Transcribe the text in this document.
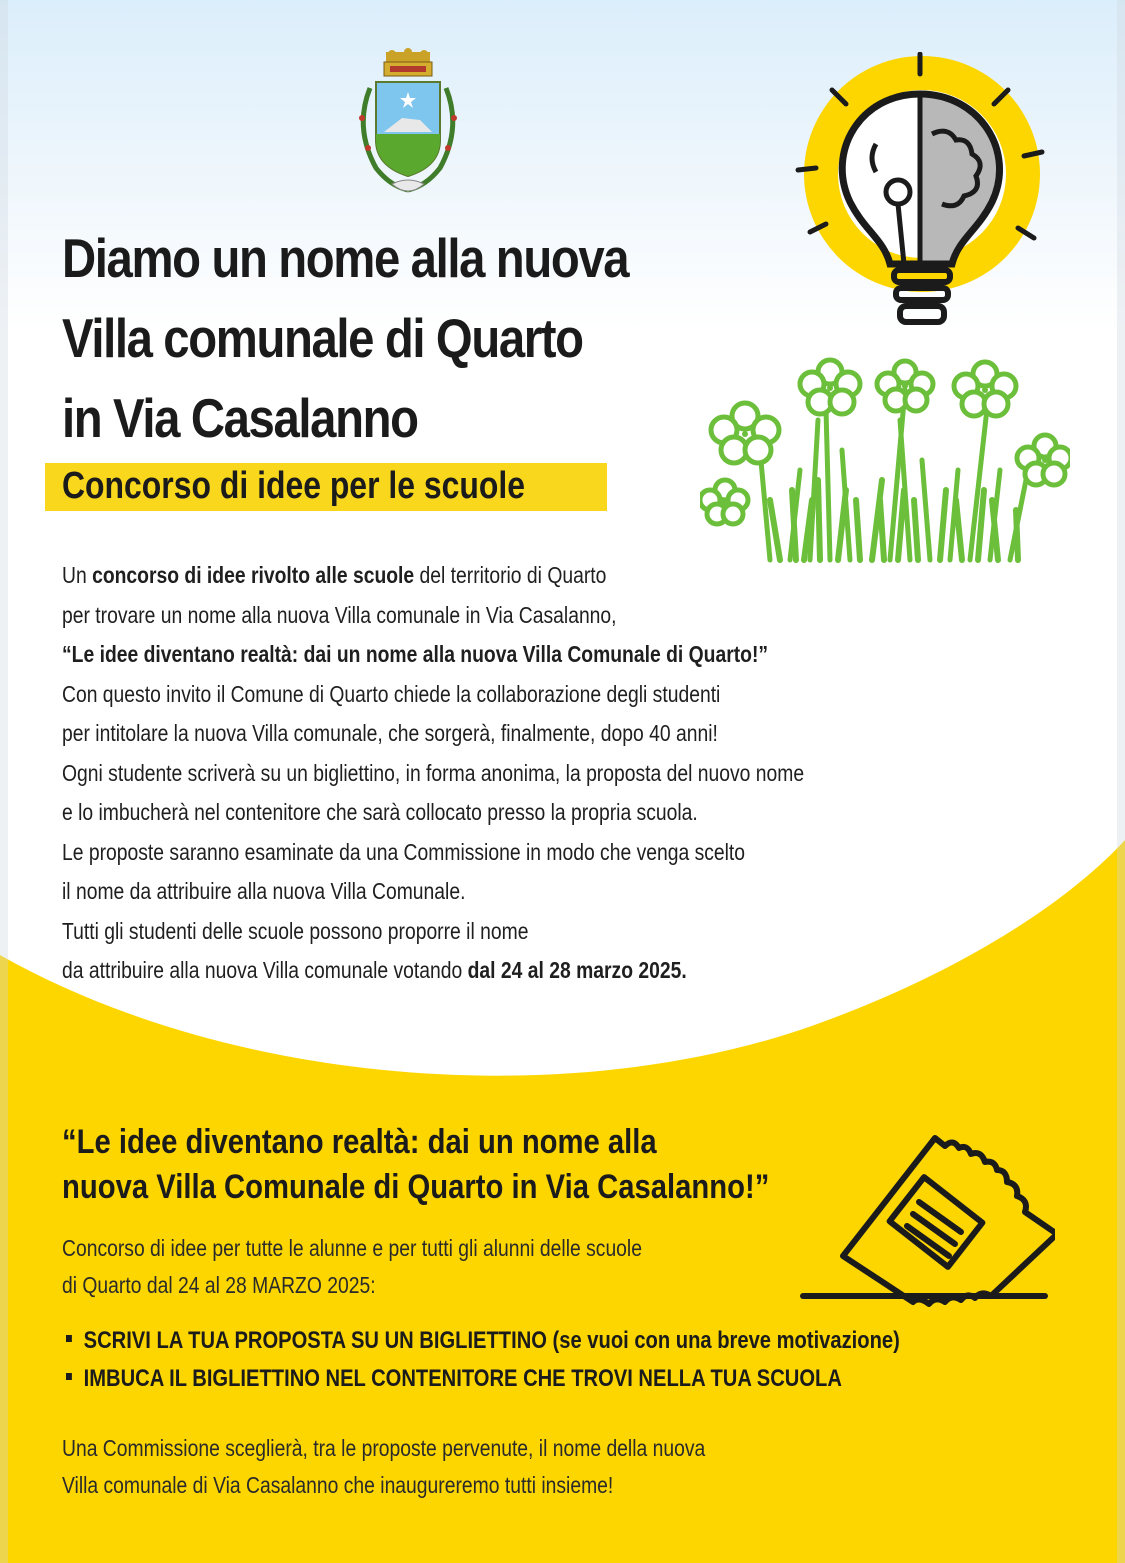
Diamo un nome alla nuova
Villa comunale di Quarto
in Via Casalanno
Concorso di idee per le scuole
Un concorso di idee rivolto alle scuole del territorio di Quarto
per trovare un nome alla nuova Villa comunale in Via Casalanno,
“Le idee diventano realtà: dai un nome alla nuova Villa Comunale di Quarto!”
Con questo invito il Comune di Quarto chiede la collaborazione degli studenti
per intitolare la nuova Villa comunale, che sorgerà, finalmente, dopo 40 anni!
Ogni studente scriverà su un bigliettino, in forma anonima, la proposta del nuovo nome
e lo imbucherà nel contenitore che sarà collocato presso la propria scuola.
Le proposte saranno esaminate da una Commissione in modo che venga scelto
il nome da attribuire alla nuova Villa Comunale.
Tutti gli studenti delle scuole possono proporre il nome
da attribuire alla nuova Villa comunale votando dal 24 al 28 marzo 2025.
“Le idee diventano realtà: dai un nome alla
nuova Villa Comunale di Quarto in Via Casalanno!”
Concorso di idee per tutte le alunne e per tutti gli alunni delle scuole
di Quarto dal 24 al 28 MARZO 2025:
SCRIVI LA TUA PROPOSTA SU UN BIGLIETTINO (se vuoi con una breve motivazione)
IMBUCA IL BIGLIETTINO NEL CONTENITORE CHE TROVI NELLA TUA SCUOLA
Una Commissione sceglierà, tra le proposte pervenute, il nome della nuova
Villa comunale di Via Casalanno che inaugureremo tutti insieme!
